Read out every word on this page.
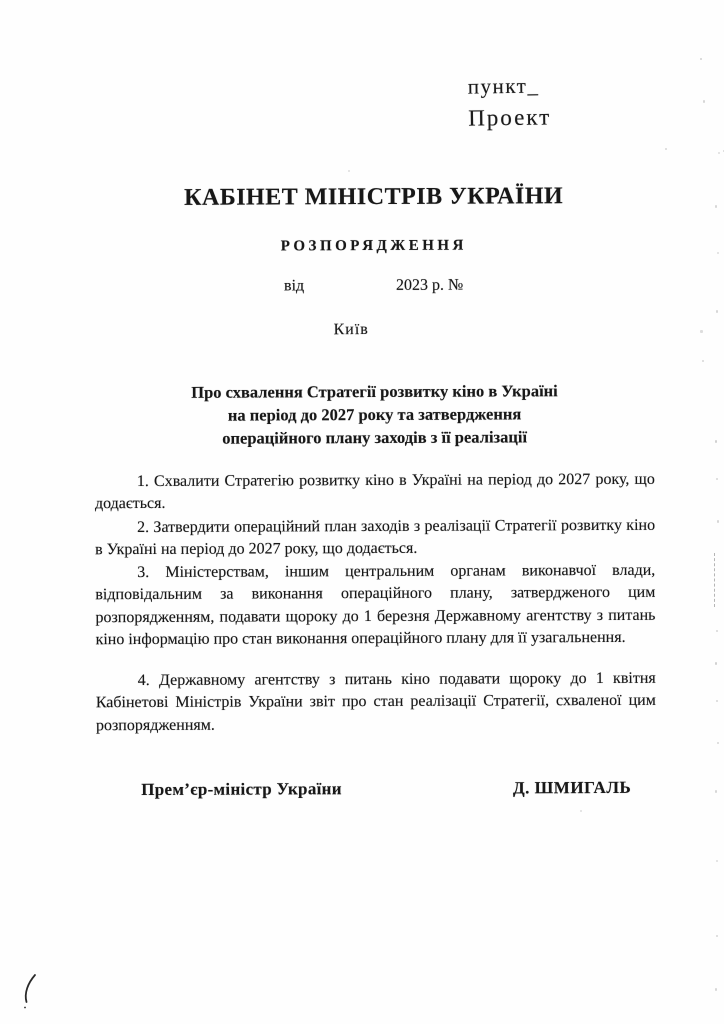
пункт_
Проект
КАБІНЕТ МІНІСТРІВ УКРАЇНИ
РОЗПОРЯДЖЕННЯ
від	2023 р. №
Київ
Про схвалення Стратегії розвитку кіно в Україні
на період до 2027 року та затвердження
операційного плану заходів з її реалізації
1. Схвалити Стратегію розвитку кіно в Україні на період до 2027 року, що додається.
2. Затвердити операційний план заходів з реалізації Стратегії розвитку кіно в Україні на період до 2027 року, що додається.
3. Міністерствам, іншим центральним органам виконавчої влади, відповідальним за виконання операційного плану, затвердженого цим розпорядженням, подавати щороку до 1 березня Державному агентству з питань кіно інформацію про стан виконання операційного плану для її узагальнення.
4. Державному агентству з питань кіно подавати щороку до 1 квітня Кабінетові Міністрів України звіт про стан реалізації Стратегії, схваленої цим розпорядженням.
Прем’єр-міністр України	Д. ШМИГАЛЬ
